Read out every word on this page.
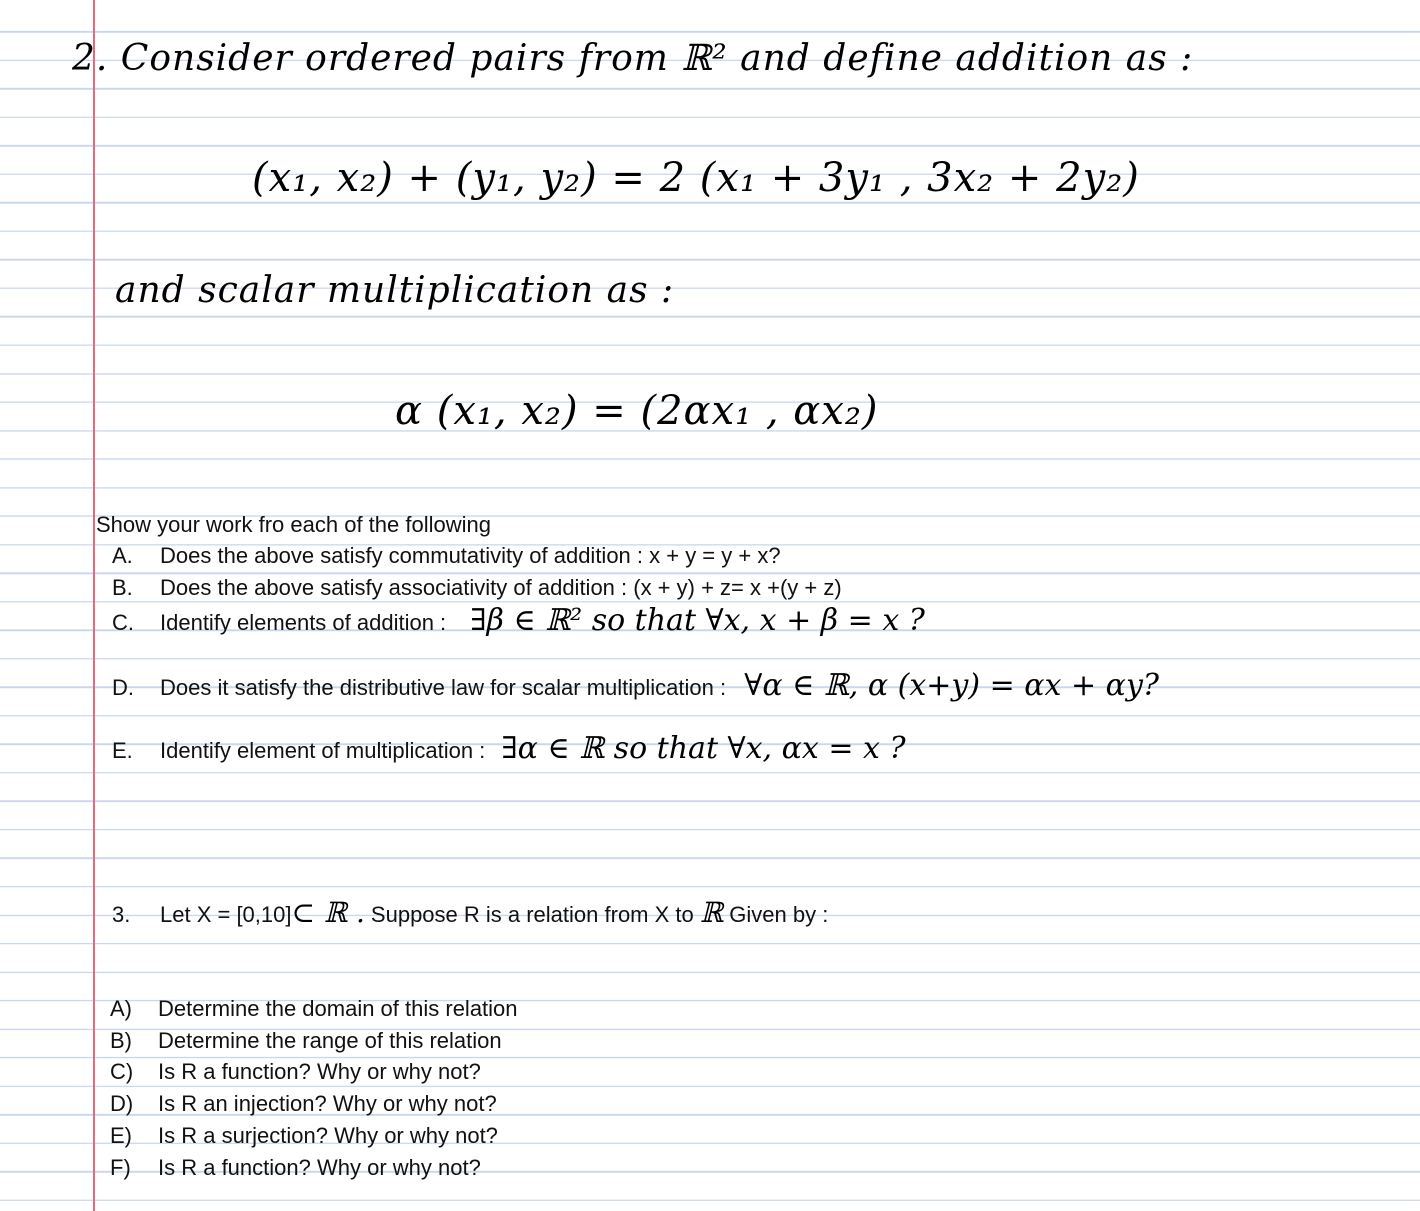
2. Consider ordered pairs from ℝ² and define addition as :
(x₁, x₂) + (y₁, y₂) = 2 (x₁ + 3y₁ , 3x₂ + 2y₂)
and scalar multiplication as :
α (x₁, x₂) = (2αx₁ , αx₂)
Show your work fro each of the following
A. Does the above satisfy commutativity of addition : x + y = y + x?
B. Does the above satisfy associativity of addition : (x + y) + z= x +(y + z)
C. Identify elements of addition : ∃β ∈ ℝ² so that ∀x, x + β = x ?
D. Does it satisfy the distributive law for scalar multiplication : ∀α ∈ ℝ, α (x+y) = αx + αy?
E. Identify element of multiplication : ∃α ∈ ℝ so that ∀x, αx = x ?
3. Let X = [0,10]⊂ ℝ . Suppose R is a relation from X to ℝ Given by :
A) Determine the domain of this relation
B) Determine the range of this relation
C) Is R a function? Why or why not?
D) Is R an injection? Why or why not?
E) Is R a surjection? Why or why not?
F) Is R a function? Why or why not?
